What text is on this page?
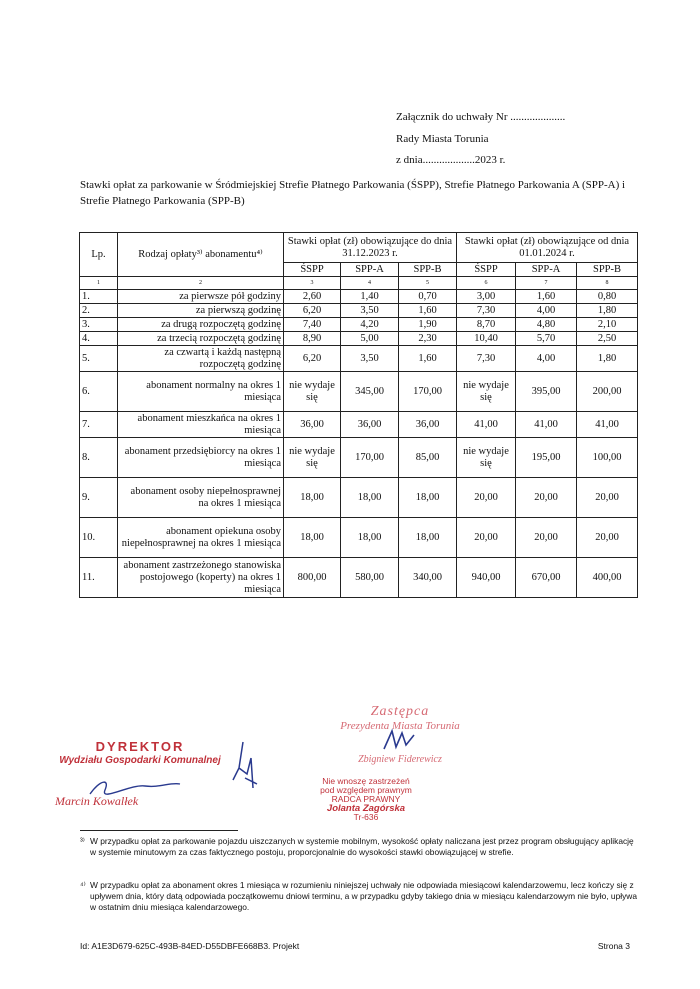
Załącznik do uchwały Nr ....................
Rady Miasta Torunia
z dnia...................2023 r.
Stawki opłat za parkowanie w Śródmiejskiej Strefie Płatnego Parkowania (ŚSPP), Strefie Płatnego Parkowania A (SPP-A) i Strefie Płatnego Parkowania (SPP-B)
Lp.	Rodzaj opłaty³⁾ abonamentu⁴⁾	Stawki opłat (zł) obowiązujące do dnia 31.12.2023 r.			Stawki opłat (zł) obowiązujące od dnia 01.01.2024 r.		
		ŚSPP	SPP-A	SPP-B	ŚSPP	SPP-A	SPP-B
1	2	3	4	5	6	7	8
1.	za pierwsze pół godziny	2,60	1,40	0,70	3,00	1,60	0,80
2.	za pierwszą godzinę	6,20	3,50	1,60	7,30	4,00	1,80
3.	za drugą rozpoczętą godzinę	7,40	4,20	1,90	8,70	4,80	2,10
4.	za trzecią rozpoczętą godzinę	8,90	5,00	2,30	10,40	5,70	2,50
5.	za czwartą i każdą następną rozpoczętą godzinę	6,20	3,50	1,60	7,30	4,00	1,80
6.	abonament normalny na okres 1 miesiąca	nie wydaje się	345,00	170,00	nie wydaje się	395,00	200,00
7.	abonament mieszkańca na okres 1 miesiąca	36,00	36,00	36,00	41,00	41,00	41,00
8.	abonament przedsiębiorcy na okres 1 miesiąca	nie wydaje się	170,00	85,00	nie wydaje się	195,00	100,00
9.	abonament osoby niepełnosprawnej na okres 1 miesiąca	18,00	18,00	18,00	20,00	20,00	20,00
10.	abonament opiekuna osoby niepełnosprawnej na okres 1 miesiąca	18,00	18,00	18,00	20,00	20,00	20,00
11.	abonament zastrzeżonego stanowiska postojowego (koperty) na okres 1 miesiąca	800,00	580,00	340,00	940,00	670,00	400,00
DYREKTOR
Wydziału Gospodarki Komunalnej
Marcin Kowalłek
Zastępca
Prezydenta Miasta Torunia
Zbigniew Fiderewicz
Nie wnoszę zastrzeżeń
pod względem prawnym
RADCA PRAWNY
Jolanta Zagórska
Tr-636
³⁾ W przypadku opłat za parkowanie pojazdu uiszczanych w systemie mobilnym, wysokość opłaty naliczana jest przez program obsługujący aplikację w systemie minutowym za czas faktycznego postoju, proporcjonalnie do wysokości stawki obowiązującej w strefie.
⁴⁾ W przypadku opłat za abonament okres 1 miesiąca w rozumieniu niniejszej uchwały nie odpowiada miesiącowi kalendarzowemu, lecz kończy się z upływem dnia, który datą odpowiada początkowemu dniowi terminu, a w przypadku gdyby takiego dnia w miesiącu kalendarzowym nie było, upływa w ostatnim dniu miesiąca kalendarzowego.
Id: A1E3D679-625C-493B-84ED-D55DBFE668B3. Projekt	Strona 3
